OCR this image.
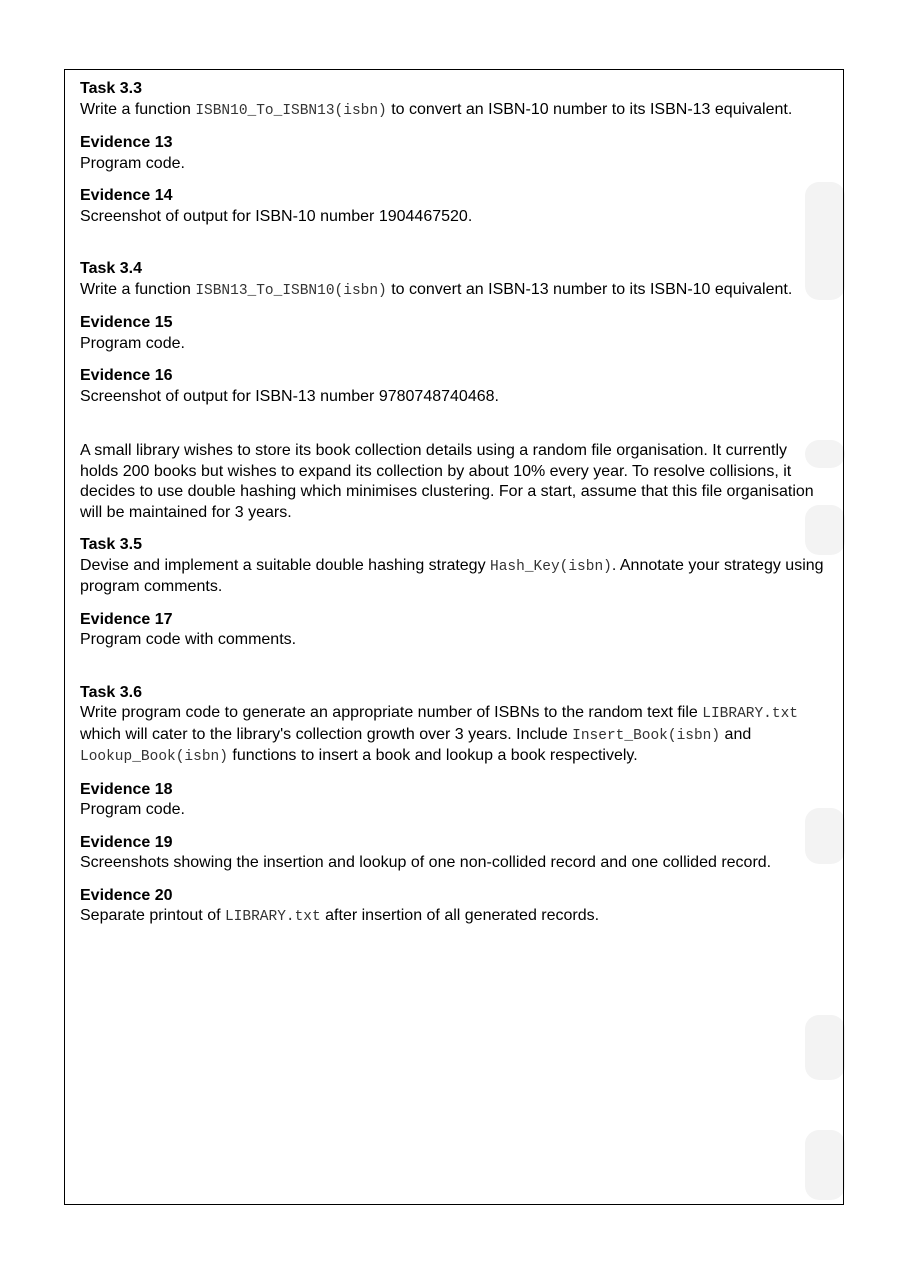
Task 3.3
Write a function ISBN10_To_ISBN13(isbn) to convert an ISBN-10 number to its ISBN-13 equivalent.
Evidence 13
Program code.
Evidence 14
Screenshot of output for ISBN-10 number 1904467520.
Task 3.4
Write a function ISBN13_To_ISBN10(isbn) to convert an ISBN-13 number to its ISBN-10 equivalent.
Evidence 15
Program code.
Evidence 16
Screenshot of output for ISBN-13 number 9780748740468.
A small library wishes to store its book collection details using a random file organisation. It currently holds 200 books but wishes to expand its collection by about 10% every year. To resolve collisions, it decides to use double hashing which minimises clustering. For a start, assume that this file organisation will be maintained for 3 years.
Task 3.5
Devise and implement a suitable double hashing strategy Hash_Key(isbn). Annotate your strategy using program comments.
Evidence 17
Program code with comments.
Task 3.6
Write program code to generate an appropriate number of ISBNs to the random text file LIBRARY.txt which will cater to the library's collection growth over 3 years. Include Insert_Book(isbn) and Lookup_Book(isbn) functions to insert a book and lookup a book respectively.
Evidence 18
Program code.
Evidence 19
Screenshots showing the insertion and lookup of one non-collided record and one collided record.
Evidence 20
Separate printout of LIBRARY.txt after insertion of all generated records.
